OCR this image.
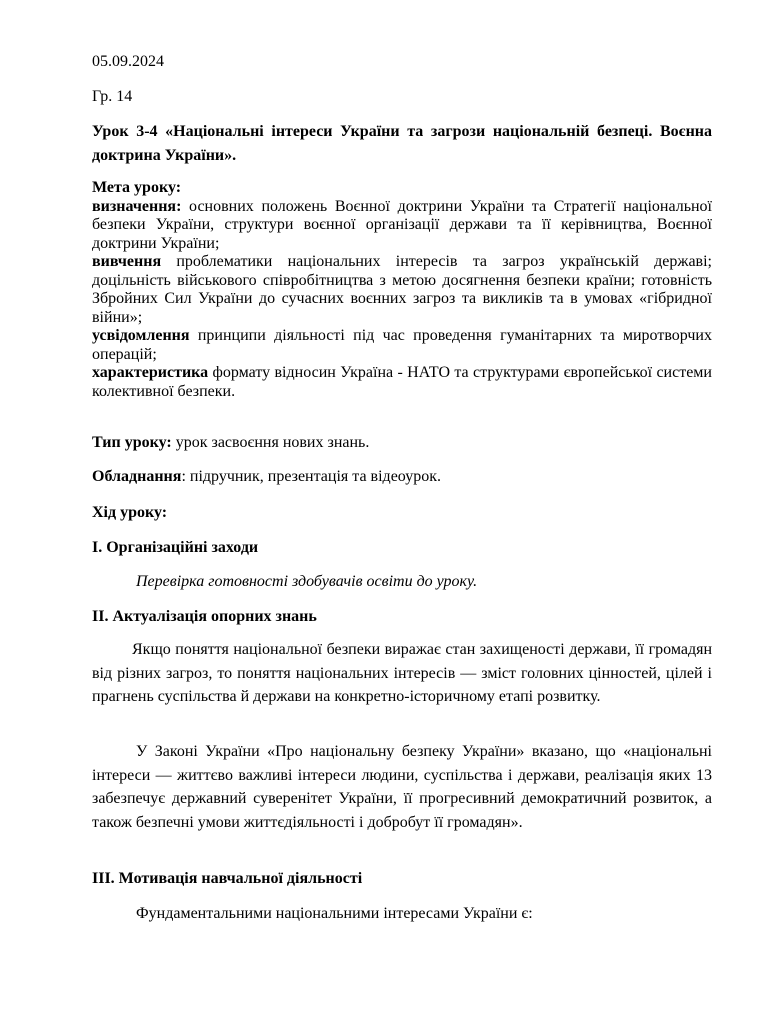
05.09.2024

Гр. 14

Урок 3-4 «Національні інтереси України та загрози національній безпеці. Воєнна доктрина України».

Мета уроку:
визначення: основних положень Воєнної доктрини України та Стратегії національної безпеки України, структури воєнної організації держави та її керівництва, Воєнної доктрини України;
вивчення проблематики національних інтересів та загроз українській державі; доцільність військового співробітництва з метою досягнення безпеки країни; готовність Збройних Сил України до сучасних воєнних загроз та викликів та в умовах «гібридної війни»;
усвідомлення принципи діяльності під час проведення гуманітарних та миротворчих операцій;
характеристика формату відносин Україна - НАТО та структурами європейської системи колективної безпеки.

Тип уроку: урок засвоєння нових знань.

Обладнання: підручник, презентація та відеоурок.

Хід уроку:

І. Організаційні заходи

Перевірка готовності здобувачів освіти до уроку.

ІІ. Актуалізація опорних знань

Якщо поняття національної безпеки виражає стан захищеності держави, її громадян від різних загроз, то поняття національних інтересів — зміст головних цінностей, цілей і прагнень суспільства й держави на конкретно-історичному етапі розвитку.

У Законі України «Про національну безпеку України» вказано, що «національні інтереси — життєво важливі інтереси людини, суспільства і держави, реалізація яких 13 забезпечує державний суверенітет України, її прогресивний демократичний розвиток, а також безпечні умови життєдіяльності і добробут її громадян».

ІІІ. Мотивація навчальної діяльності

Фундаментальними національними інтересами України є:
